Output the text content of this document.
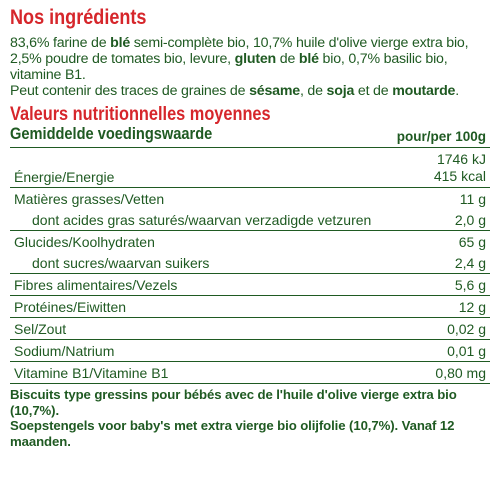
Nos ingrédients
83,6% farine de blé semi-complète bio, 10,7% huile d'olive vierge extra bio, 2,5% poudre de tomates bio, levure, gluten de blé bio, 0,7% basilic bio, vitamine B1.
Peut contenir des traces de graines de sésame, de soja et de moutarde.
Valeurs nutritionnelles moyennes
Gemiddelde voedingswaarde	pour/per 100g
Énergie/Energie	1746 kJ
415 kcal

Matières grasses/Vetten	11 g
dont acides gras saturés/waarvan verzadigde vetzuren	2,0 g
Glucides/Koolhydraten	65 g
dont sucres/waarvan suikers	2,4 g
Fibres alimentaires/Vezels	5,6 g
Protéines/Eiwitten	12 g
Sel/Zout	0,02 g
Sodium/Natrium	0,01 g
Vitamine B1/Vitamine B1	0,80 mg
Biscuits type gressins pour bébés avec de l'huile d'olive vierge extra bio (10,7%).
Soepstengels voor baby's met extra vierge bio olijfolie (10,7%). Vanaf 12 maanden.
